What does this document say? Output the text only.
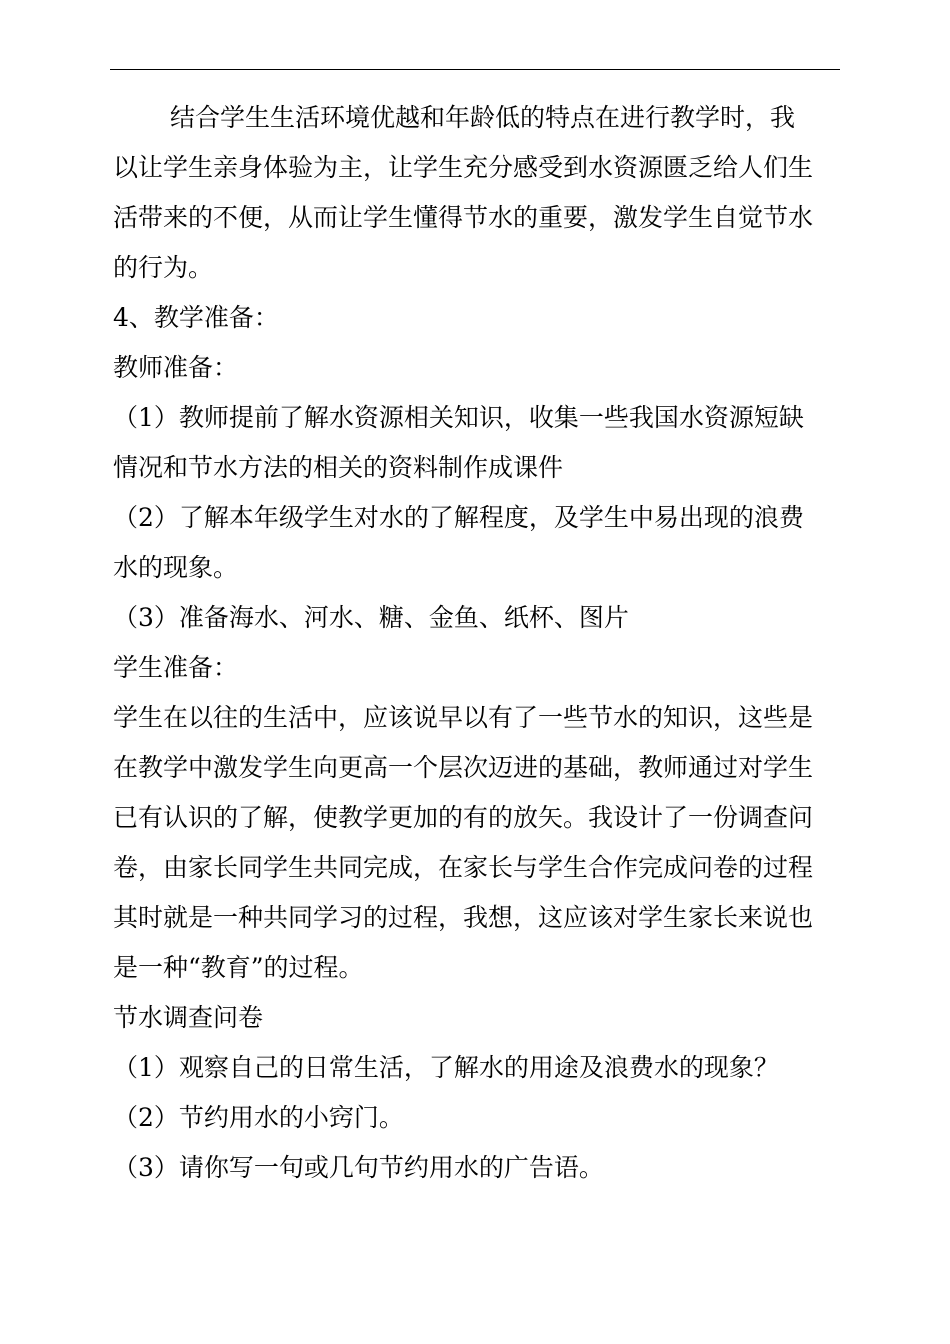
结合学生生活环境优越和年龄低的特点在进行教学时，我
以让学生亲身体验为主，让学生充分感受到水资源匮乏给人们生
活带来的不便，从而让学生懂得节水的重要，激发学生自觉节水
的行为。
4、教学准备：
教师准备：
（1）教师提前了解水资源相关知识，收集一些我国水资源短缺
情况和节水方法的相关的资料制作成课件
（2）了解本年级学生对水的了解程度，及学生中易出现的浪费
水的现象。
（3）准备海水、河水、糖、金鱼、纸杯、图片
学生准备：
学生在以往的生活中，应该说早以有了一些节水的知识，这些是
在教学中激发学生向更高一个层次迈进的基础，教师通过对学生
已有认识的了解，使教学更加的有的放矢。我设计了一份调查问
卷，由家长同学生共同完成，在家长与学生合作完成问卷的过程
其时就是一种共同学习的过程，我想，这应该对学生家长来说也
是一种“教育”的过程。
节水调查问卷
（1）观察自己的日常生活，了解水的用途及浪费水的现象？
（2）节约用水的小窍门。
（3）请你写一句或几句节约用水的广告语。
